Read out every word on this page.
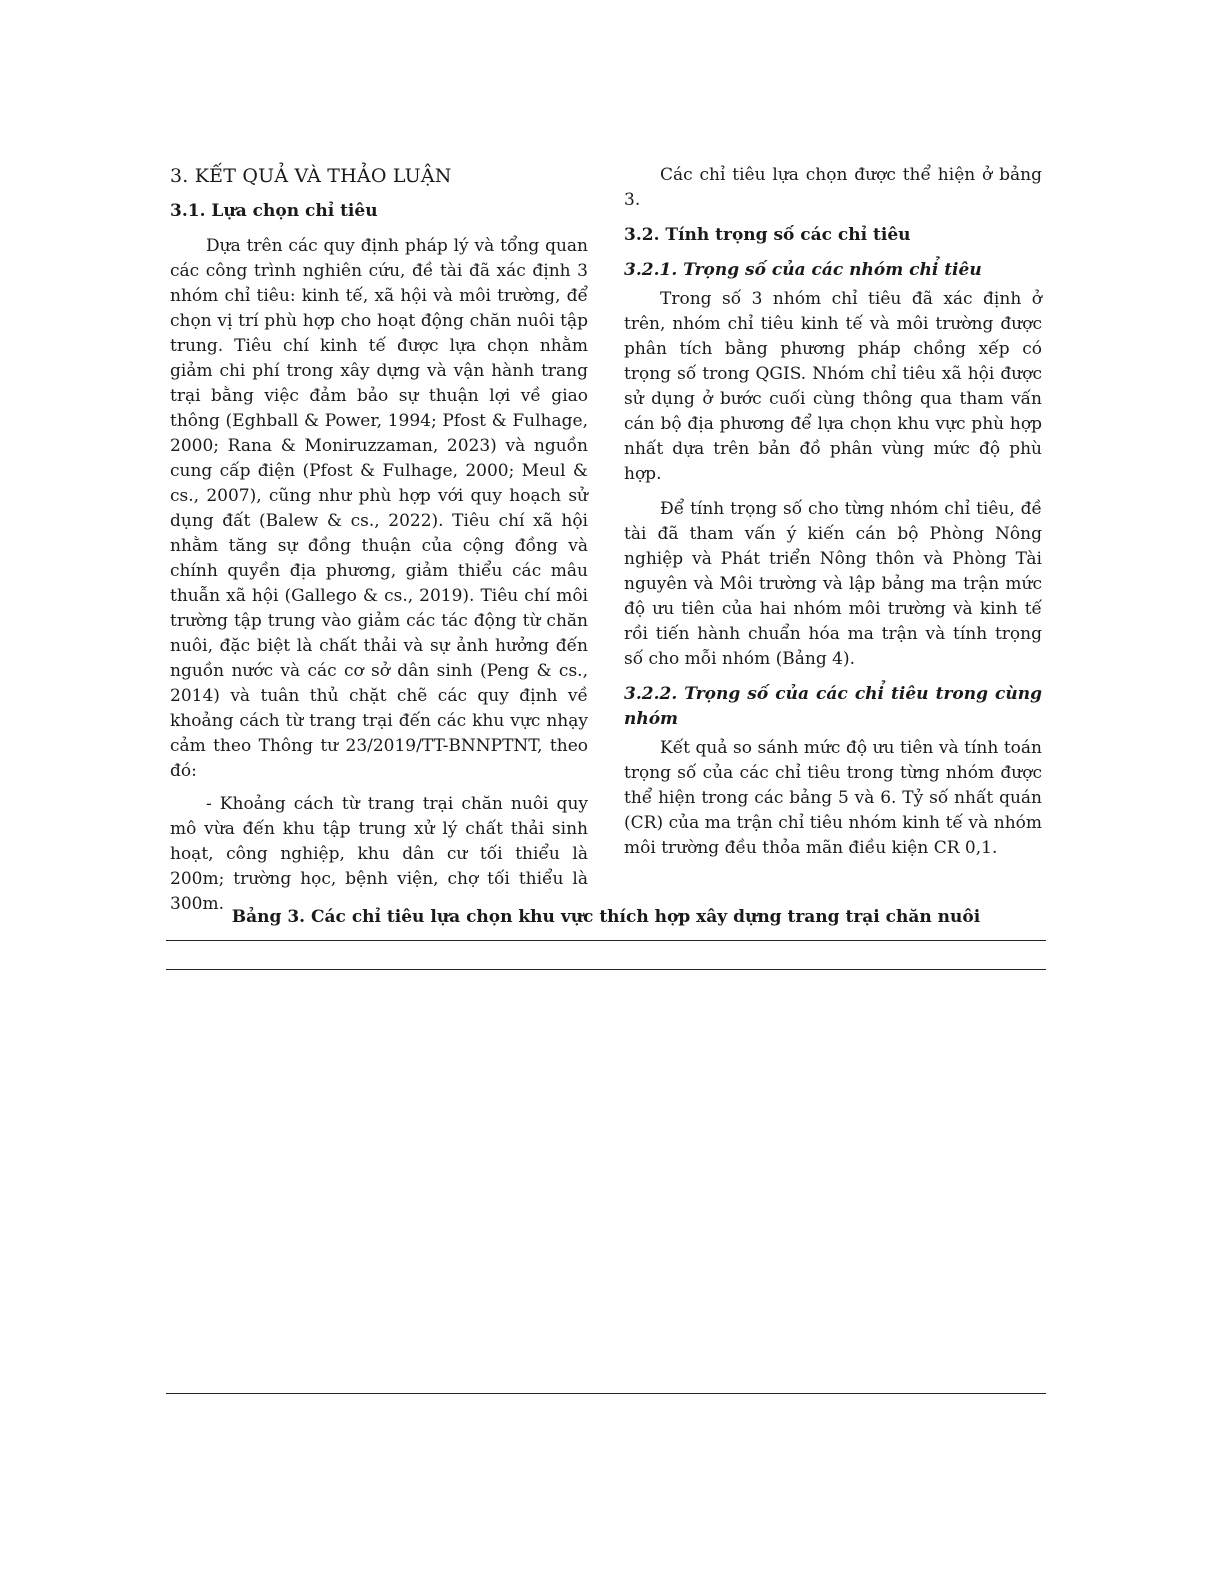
3. KẾT QUẢ VÀ THẢO LUẬN
3.1. Lựa chọn chỉ tiêu

Dựa trên các quy định pháp lý và tổng quan các công trình nghiên cứu, đề tài đã xác định 3 nhóm chỉ tiêu: kinh tế, xã hội và môi trường, để chọn vị trí phù hợp cho hoạt động chăn nuôi tập trung. Tiêu chí kinh tế được lựa chọn nhằm giảm chi phí trong xây dựng và vận hành trang trại bằng việc đảm bảo sự thuận lợi về giao thông (Eghball & Power, 1994; Pfost & Fulhage, 2000; Rana & Moniruzzaman, 2023) và nguồn cung cấp điện (Pfost & Fulhage, 2000; Meul & cs., 2007), cũng như phù hợp với quy hoạch sử dụng đất (Balew & cs., 2022). Tiêu chí xã hội nhằm tăng sự đồng thuận của cộng đồng và chính quyền địa phương, giảm thiểu các mâu thuẫn xã hội (Gallego & cs., 2019). Tiêu chí môi trường tập trung vào giảm các tác động từ chăn nuôi, đặc biệt là chất thải và sự ảnh hưởng đến nguồn nước và các cơ sở dân sinh (Peng & cs., 2014) và tuân thủ chặt chẽ các quy định về khoảng cách từ trang trại đến các khu vực nhạy cảm theo Thông tư 23/2019/TT-BNNPTNT, theo đó:

- Khoảng cách từ trang trại chăn nuôi quy mô vừa đến khu tập trung xử lý chất thải sinh hoạt, công nghiệp, khu dân cư tối thiểu là 200m; trường học, bệnh viện, chợ tối thiểu là 300m.

Các chỉ tiêu lựa chọn được thể hiện ở bảng 3.

3.2. Tính trọng số các chỉ tiêu
3.2.1. Trọng số của các nhóm chỉ tiêu

Trong số 3 nhóm chỉ tiêu đã xác định ở trên, nhóm chỉ tiêu kinh tế và môi trường được phân tích bằng phương pháp chồng xếp có trọng số trong QGIS. Nhóm chỉ tiêu xã hội được sử dụng ở bước cuối cùng thông qua tham vấn cán bộ địa phương để lựa chọn khu vực phù hợp nhất dựa trên bản đồ phân vùng mức độ phù hợp.

Để tính trọng số cho từng nhóm chỉ tiêu, đề tài đã tham vấn ý kiến cán bộ Phòng Nông nghiệp và Phát triển Nông thôn và Phòng Tài nguyên và Môi trường và lập bảng ma trận mức độ ưu tiên của hai nhóm môi trường và kinh tế rồi tiến hành chuẩn hóa ma trận và tính trọng số cho mỗi nhóm (Bảng 4).

3.2.2. Trọng số của các chỉ tiêu trong cùng nhóm

Kết quả so sánh mức độ ưu tiên và tính toán trọng số của các chỉ tiêu trong từng nhóm được thể hiện trong các bảng 5 và 6. Tỷ số nhất quán (CR) của ma trận chỉ tiêu nhóm kinh tế và nhóm môi trường đều thỏa mãn điều kiện CR 0,1.

Bảng 3. Các chỉ tiêu lựa chọn khu vực thích hợp xây dựng trang trại chăn nuôi
